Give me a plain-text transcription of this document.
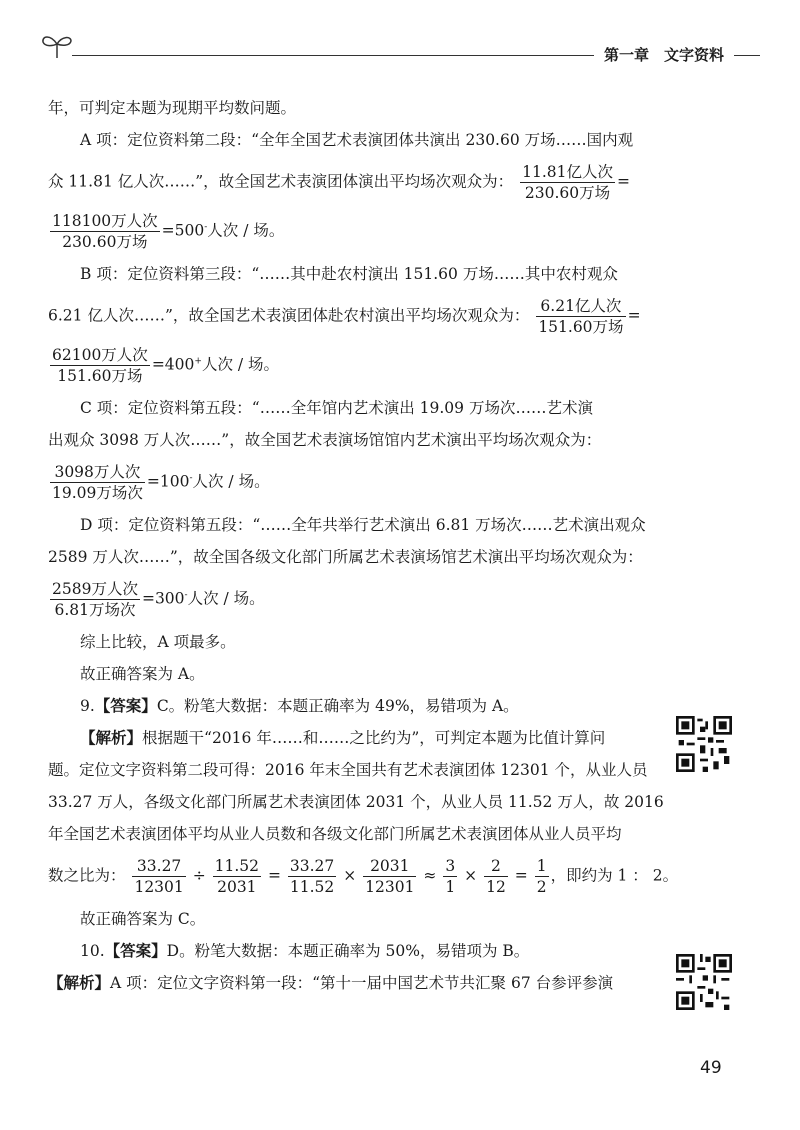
第一章　文字资料

年，可判定本题为现期平均数问题。

A 项：定位资料第二段：“全年全国艺术表演团体共演出 230.60 万场……国内观

众 11.81 亿人次……”，故全国艺术表演团体演出平均场次观众为： $\frac{\text{11.81亿人次}}{\text{230.60万场}}$ =

$\frac{\text{118100万人次}}{\text{230.60万场}} =500^-$人次 / 场。

B 项：定位资料第三段：“……其中赴农村演出 151.60 万场……其中农村观众

6.21 亿人次……”，故全国艺术表演团体赴农村演出平均场次观众为： $\frac{\text{6.21亿人次}}{\text{151.60万场}}$ =

$\frac{\text{62100万人次}}{\text{151.60万场}} =400^+$人次 / 场。

C 项：定位资料第五段：“……全年馆内艺术演出 19.09 万场次……艺术演

出观众 3098 万人次……”，故全国艺术表演场馆馆内艺术演出平均场次观众为：

$\frac{\text{3098万人次}}{\text{19.09万场次}} =100^-$人次 / 场。

D 项：定位资料第五段：“……全年共举行艺术演出 6.81 万场次……艺术演出观众

2589 万人次……”，故全国各级文化部门所属艺术表演场馆艺术演出平均场次观众为：

$\frac{\text{2589万人次}}{\text{6.81万场次}} =300^-$人次 / 场。

综上比较，A 项最多。

故正确答案为 A。

9.【答案】C。粉笔大数据：本题正确率为 49%，易错项为 A。

【解析】根据题干“2016 年……和……之比约为”，可判定本题为比值计算问

题。定位文字资料第二段可得：2016 年末全国共有艺术表演团体 12301 个，从业人员

33.27 万人，各级文化部门所属艺术表演团体 2031 个，从业人员 11.52 万人，故 2016

年全国艺术表演团体平均从业人员数和各级文化部门所属艺术表演团体从业人员平均

数之比为： $\frac{33.27}{12301} \div \frac{11.52}{2031} = \frac{33.27}{11.52} \times \frac{2031}{12301} \approx \frac{3}{1} \times \frac{2}{12} = \frac{1}{2}$ ，即约为 1 ： 2。

故正确答案为 C。

10.【答案】D。粉笔大数据：本题正确率为 50%，易错项为 B。

【解析】A 项：定位文字资料第一段：“第十一届中国艺术节共汇聚 67 台参评参演

49
